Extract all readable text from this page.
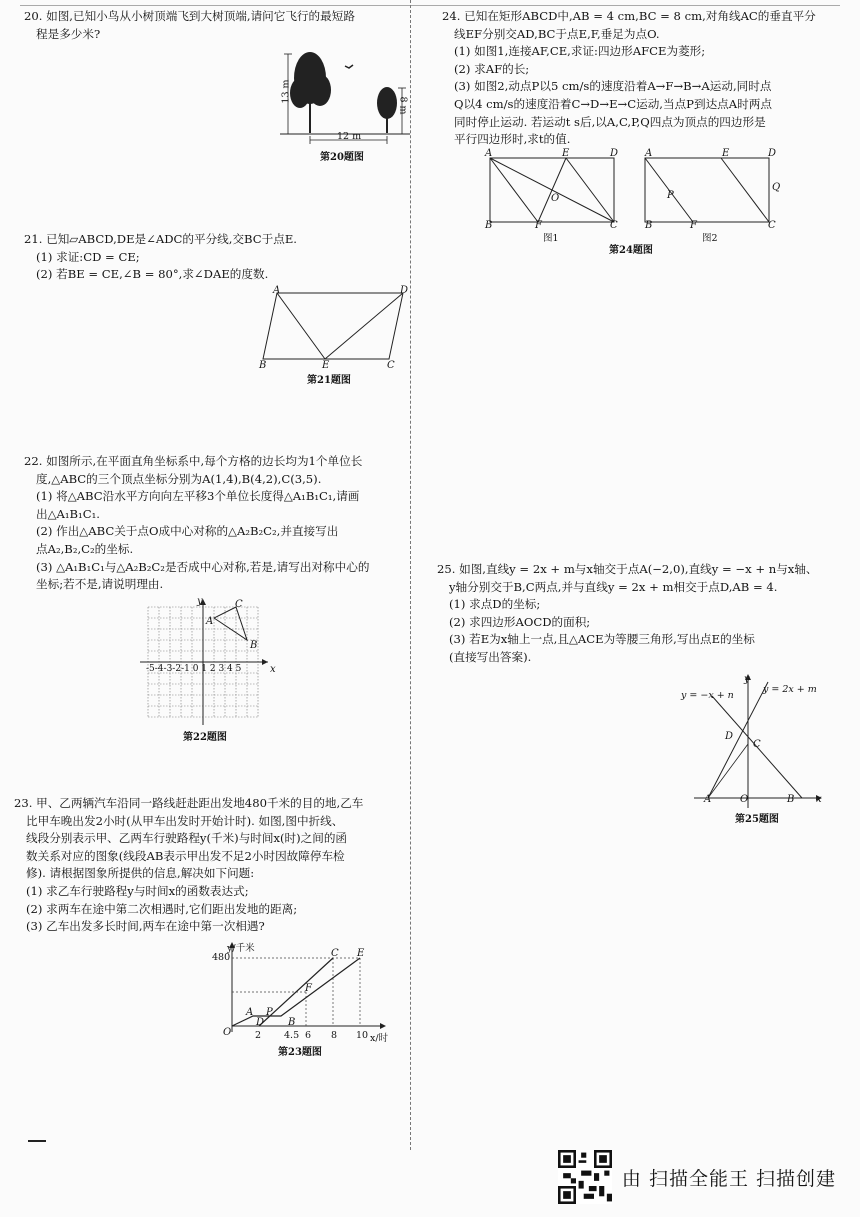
20. 如图,已知小鸟从小树顶端飞到大树顶端,请问它飞行的最短路
程是多少米?
13 m
8 m
12 m
第20题图
21. 已知▱ABCD,DE是∠ADC的平分线,交BC于点E.
(1) 求证:CD = CE;
(2) 若BE = CE,∠B = 80°,求∠DAE的度数.
A	D
B	E	C
第21题图
22. 如图所示,在平面直角坐标系中,每个方格的边长均为1个单位长
度,△ABC的三个顶点坐标分别为A(1,4),B(4,2),C(3,5).
(1) 将△ABC沿水平方向向左平移3个单位长度得△A₁B₁C₁,请画
出△A₁B₁C₁.
(2) 作出△ABC关于点O成中心对称的△A₂B₂C₂,并直接写出
点A₂,B₂,C₂的坐标.
(3) △A₁B₁C₁与△A₂B₂C₂是否成中心对称,若是,请写出对称中心的
坐标;若不是,请说明理由.
y
x
A
B
C
-5-4-3-2-1 0 1 2 3 4 5
第22题图
23. 甲、乙两辆汽车沿同一路线赶赴距出发地480千米的目的地,乙车
比甲车晚出发2小时(从甲车出发时开始计时). 如图,图中折线、
线段分别表示甲、乙两车行驶路程y(千米)与时间x(时)之间的函
数关系对应的图象(线段AB表示甲出发不足2小时因故障停车检
修). 请根据图象所提供的信息,解决如下问题:
(1) 求乙车行驶路程y与时间x的函数表达式;
(2) 求两车在途中第二次相遇时,它们距出发地的距离;
(3) 乙车出发多长时间,两车在途中第一次相遇?
y/千米
x/时
480
O	2 4.5 6 8 10
A P
D B
F
C E
第23题图
24. 已知在矩形ABCD中,AB = 4 cm,BC = 8 cm,对角线AC的垂直平分
线EF分别交AD,BC于点E,F,垂足为点O.
(1) 如图1,连接AF,CE,求证:四边形AFCE为菱形;
(2) 求AF的长;
(3) 如图2,动点P以5 cm/s的速度沿着A→F→B→A运动,同时点
Q以4 cm/s的速度沿着C→D→E→C运动,当点P到达点A时两点
同时停止运动. 若运动t s后,以A,C,P,Q四点为顶点的四边形是
平行四边形时,求t的值.
A	E	D
O
B	F	C
图1
A	E	D
P
Q
B	F	C
图2
第24题图
25. 如图,直线y = 2x + m与x轴交于点A(−2,0),直线y = −x + n与x轴、
y轴分别交于B,C两点,并与直线y = 2x + m相交于点D,AB = 4.
(1) 求点D的坐标;
(2) 求四边形AOCD的面积;
(3) 若E为x轴上一点,且△ACE为等腰三角形,写出点E的坐标
(直接写出答案).
y = −x + n
y = 2x + m
y
x
D
C
A	O	B
第25题图
由 扫描全能王 扫描创建
